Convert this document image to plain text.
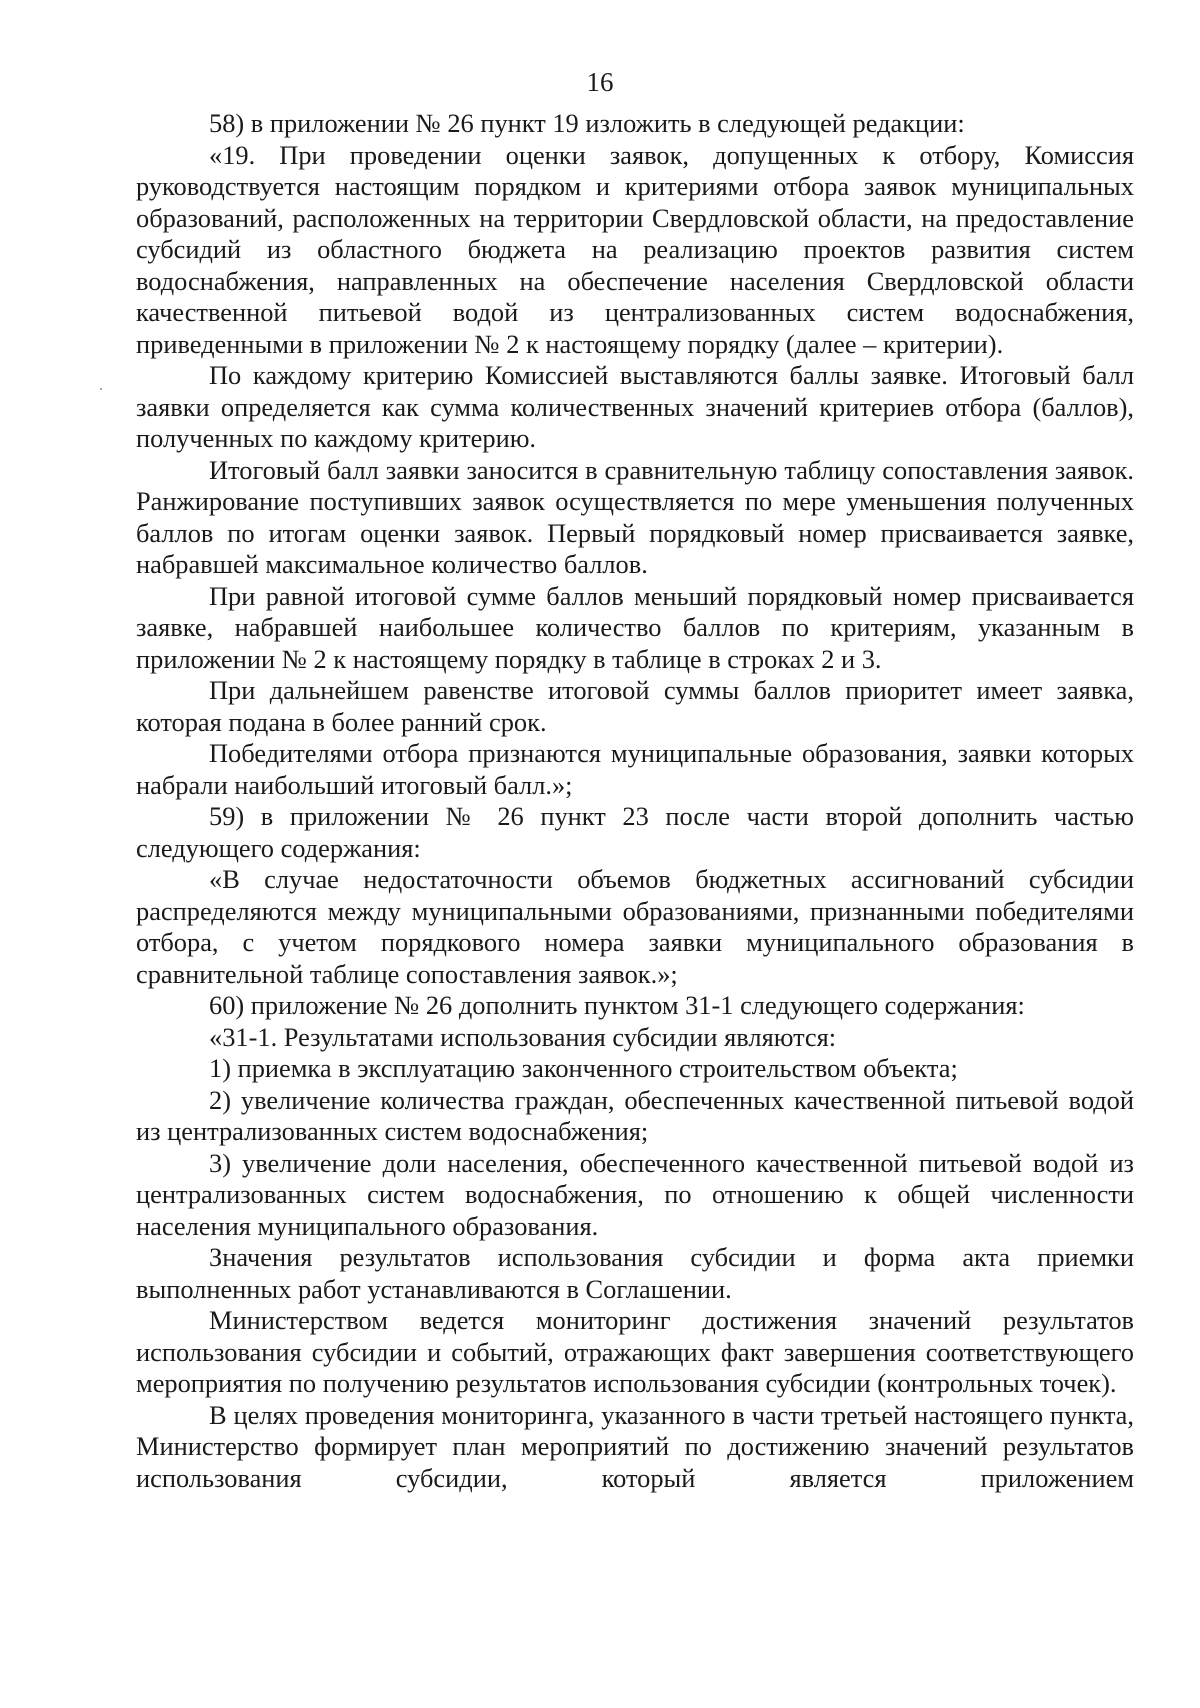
16

58) в приложении № 26 пункт 19 изложить в следующей редакции:

«19. При проведении оценки заявок, допущенных к отбору, Комиссия руководствуется настоящим порядком и критериями отбора заявок муниципальных образований, расположенных на территории Свердловской области, на предоставление субсидий из областного бюджета на реализацию проектов развития систем водоснабжения, направленных на обеспечение населения Свердловской области качественной питьевой водой из централизованных систем водоснабжения, приведенными в приложении № 2 к настоящему порядку (далее – критерии).

По каждому критерию Комиссией выставляются баллы заявке. Итоговый балл заявки определяется как сумма количественных значений критериев отбора (баллов), полученных по каждому критерию.

Итоговый балл заявки заносится в сравнительную таблицу сопоставления заявок. Ранжирование поступивших заявок осуществляется по мере уменьшения полученных баллов по итогам оценки заявок. Первый порядковый номер присваивается заявке, набравшей максимальное количество баллов.

При равной итоговой сумме баллов меньший порядковый номер присваивается заявке, набравшей наибольшее количество баллов по критериям, указанным в приложении № 2 к настоящему порядку в таблице в строках 2 и 3.

При дальнейшем равенстве итоговой суммы баллов приоритет имеет заявка, которая подана в более ранний срок.

Победителями отбора признаются муниципальные образования, заявки которых набрали наибольший итоговый балл.»;

59) в приложении № 26 пункт 23 после части второй дополнить частью следующего содержания:

«В случае недостаточности объемов бюджетных ассигнований субсидии распределяются между муниципальными образованиями, признанными победителями отбора, с учетом порядкового номера заявки муниципального образования в сравнительной таблице сопоставления заявок.»;

60) приложение № 26 дополнить пунктом 31-1 следующего содержания:

«31-1. Результатами использования субсидии являются:

1) приемка в эксплуатацию законченного строительством объекта;

2) увеличение количества граждан, обеспеченных качественной питьевой водой из централизованных систем водоснабжения;

3) увеличение доли населения, обеспеченного качественной питьевой водой из централизованных систем водоснабжения, по отношению к общей численности населения муниципального образования.

Значения результатов использования субсидии и форма акта приемки выполненных работ устанавливаются в Соглашении.

Министерством ведется мониторинг достижения значений результатов использования субсидии и событий, отражающих факт завершения соответствующего мероприятия по получению результатов использования субсидии (контрольных точек).

В целях проведения мониторинга, указанного в части третьей настоящего пункта, Министерство формирует план мероприятий по достижению значений результатов использования субсидии, который является приложением
